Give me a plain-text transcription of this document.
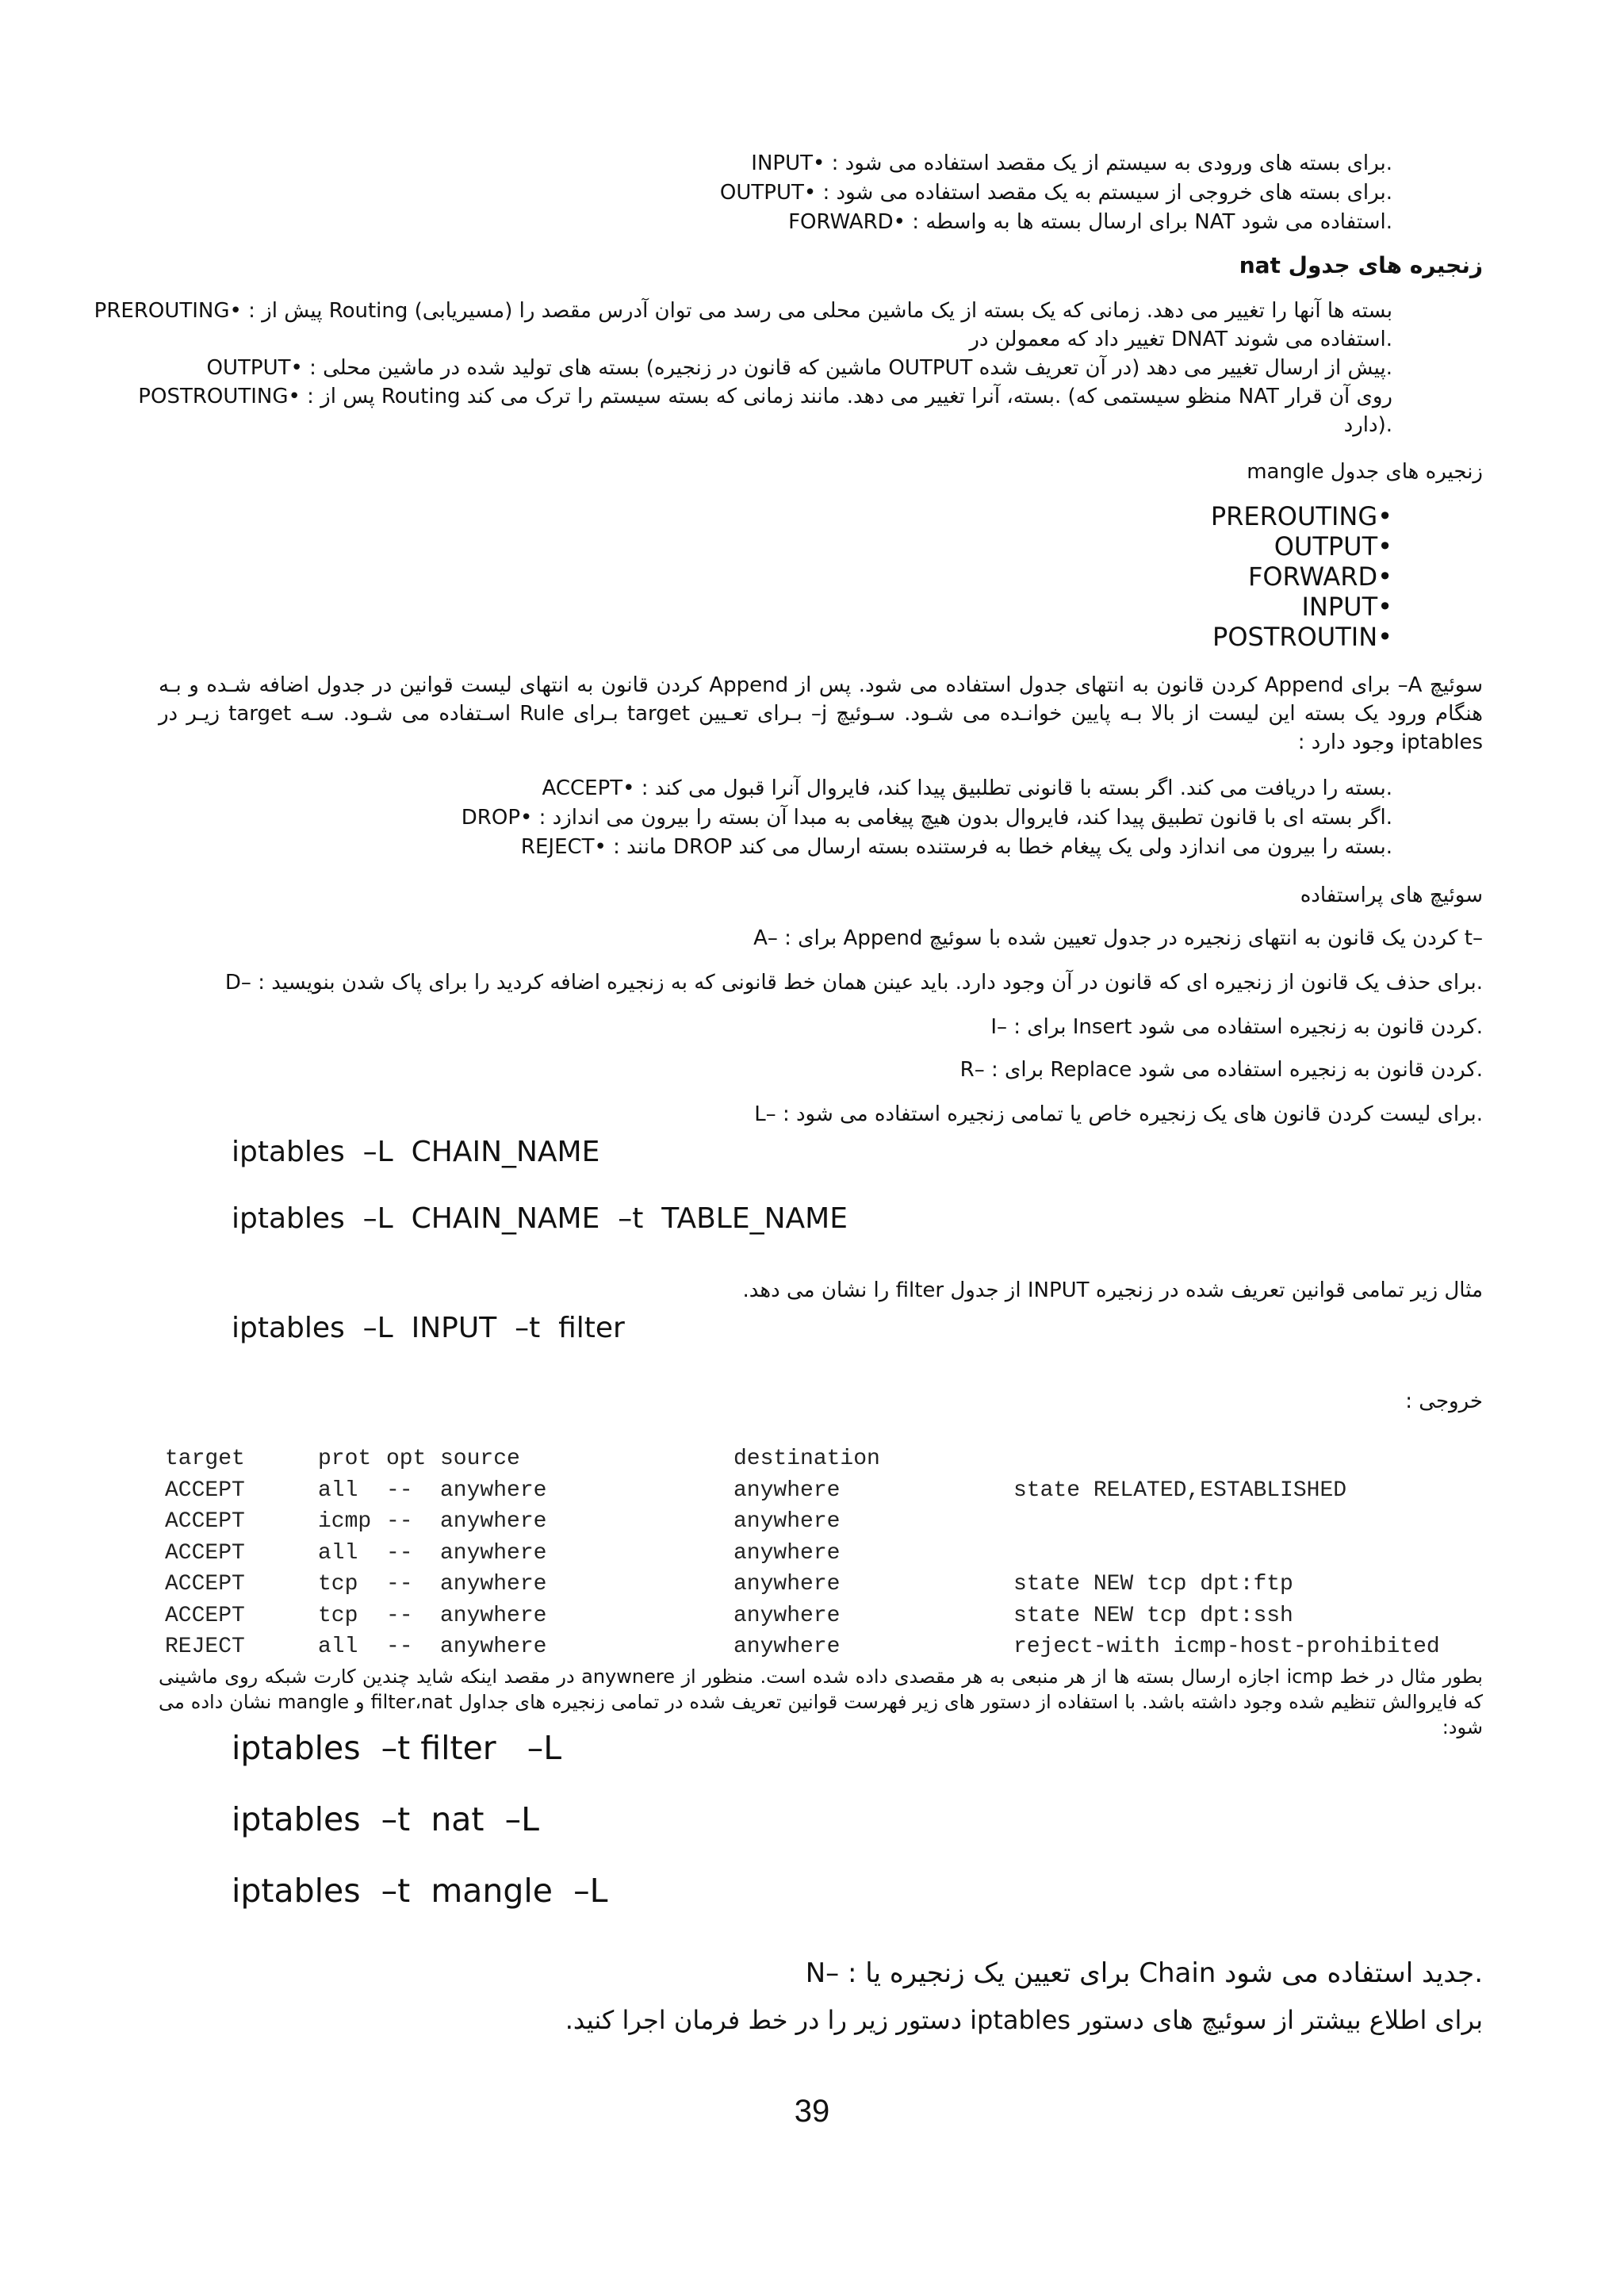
INPUT• : برای بسته های ورودی به سیستم از یک مقصد استفاده می شود.
OUTPUT• : برای بسته های خروجی از سیستم به یک مقصد استفاده می شود.
FORWARD• : برای ارسال بسته ها به واسطه NAT استفاده می شود.
زنجیره های جدول nat
PREROUTING• : پیش از Routing (مسیریابی) بسته ها آنها را تغییر می دهد. زمانی که یک بسته از یک ماشین محلی می رسد می توان آدرس مقصد را تغییر داد که معمولن در DNAT استفاده می شوند.
OUTPUT• : بسته های تولید شده در ماشین محلی (ماشین که قانون در زنجیره OUTPUT در آن تعریف شده) پیش از ارسال تغییر می دهد.
POSTROUTING• : پس از Routing بسته، آنرا تغییر می دهد. مانند زمانی که بسته سیستم را ترک می کند. (منظو سیستمی که NAT روی آن قرار دارد).
زنجیره های جدول mangle
PREROUTING•
OUTPUT•
FORWARD•
INPUT•
POSTROUTIN•
سوئیچ A– برای Append کردن قانون به انتهای جدول استفاده می شود. پس از Append کردن قانون به انتهای لیست قوانین در جدول اضافه شـده و بـه هنگام ورود یک بسته این لیست از بالا بـه پایین خوانـده می شـود. سـوئیچ j– بـرای تعـیین target بـرای Rule اسـتفاده می شـود. سـه target زیـر در iptables وجود دارد :
ACCEPT• : بسته را دریافت می کند. اگر بسته با قانونی تطلبیق پیدا کند، فایروال آنرا قبول می کند.
DROP• : اگر بسته ای با قانون تطبیق پیدا کند، فایروال بدون هیچ پیغامی به مبدا آن بسته را بیرون می اندازد.
REJECT• : مانند DROP بسته را بیرون می اندازد ولی یک پیغام خطا به فرستنده بسته ارسال می کند.
سوئیچ های پراستفاده
A– : برای Append کردن یک قانون به انتهای زنجیره در جدول تعیین شده با سوئیچ t–
D– : برای حذف یک قانون از زنجیره ای که قانون در آن وجود دارد. باید عینن همان خط قانونی که به زنجیره اضافه کردید را برای پاک شدن بنویسید.
I– : برای Insert کردن قانون به زنجیره استفاده می شود.
R– : برای Replace کردن قانون به زنجیره استفاده می شود.
L– : برای لیست کردن قانون های یک زنجیره خاص یا تمامی زنجیره استفاده می شود.
iptables  –L  CHAIN_NAME
iptables  –L  CHAIN_NAME  –t  TABLE_NAME
مثال زیر تمامی قوانین تعریف شده در زنجیره INPUT از جدول filter را نشان می دهد.
iptables  –L  INPUT  –t  filter
خروجی :
target	prot	opt	source	destination	
ACCEPT	all	--	anywhere	anywhere	state RELATED,ESTABLISHED
ACCEPT	icmp	--	anywhere	anywhere	
ACCEPT	all	--	anywhere	anywhere	
ACCEPT	tcp	--	anywhere	anywhere	state NEW tcp dpt:ftp
ACCEPT	tcp	--	anywhere	anywhere	state NEW tcp dpt:ssh
REJECT	all	--	anywhere	anywhere	reject-with icmp-host-prohibited
بطور مثال در خط icmp اجازه ارسال بسته ها از هر منبعی به هر مقصدی داده شده است. منظور از anywnere در مقصد اینکه شاید چندین کارت شبکه روی ماشینی که فایروالش تنظیم شده وجود داشته باشد. با استفاده از دستور های زیر فهرست قوانین تعریف شده در تمامی زنجیره های جداول filter،nat و mangle نشان داده می شود:
iptables  –t filter   –L
iptables  –t  nat  –L
iptables  –t  mangle  –L
N– : برای تعیین یک زنجیره یا Chain جدید استفاده می شود.
برای اطلاع بیشتر از سوئیچ های دستور iptables دستور زیر را در خط فرمان اجرا کنید.
39
